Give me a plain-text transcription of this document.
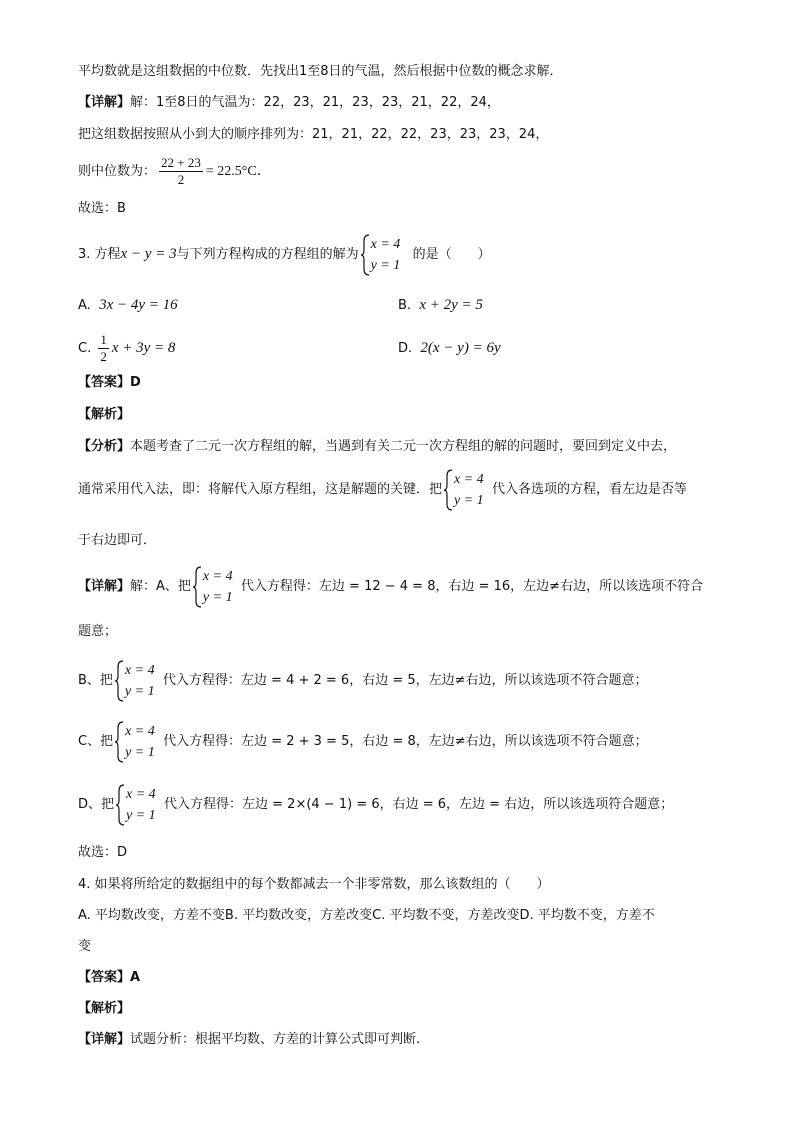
平均数就是这组数据的中位数．先找出1至8日的气温，然后根据中位数的概念求解．
【详解】解：1至8日的气温为：22，23，21，23，23，21，22，24，
把这组数据按照从小到大的顺序排列为：21，21，22，22，23，23，23，24，
则中位数为： $\frac{22 + 23}{2} = 22.5^\circ C$．
故选：B
3. 方程x − y = 3与下列方程构成的方程组的解为
x = 4
y = 1
的是（　　）
A. 3x − 4y = 16	B. x + 2y = 5
C. $\frac{1}{2}$ x + 3y = 8	D. 2(x − y) = 6y
【答案】D
【解析】
【分析】本题考查了二元一次方程组的解，当遇到有关二元一次方程组的解的问题时，要回到定义中去，
通常采用代入法，即：将解代入原方程组，这是解题的关键．把
x = 4
y = 1
代入各选项的方程，看左边是否等
于右边即可．
【详解】解：A、把
x = 4
y = 1
代入方程得：左边 = 12 − 4 = 8，右边 = 16，左边≠右边，所以该选项不符合
题意；
B、把
x = 4
y = 1
代入方程得：左边 = 4 + 2 = 6，右边 = 5，左边≠右边，所以该选项不符合题意；
C、把
x = 4
y = 1
代入方程得：左边 = 2 + 3 = 5，右边 = 8，左边≠右边，所以该选项不符合题意；
D、把
x = 4
y = 1
代入方程得：左边 = 2×(4 − 1) = 6，右边 = 6，左边 = 右边，所以该选项符合题意；
故选：D
4. 如果将所给定的数据组中的每个数都减去一个非零常数，那么该数组的（　　）
A. 平均数改变，方差不变B. 平均数改变，方差改变C. 平均数不变，方差改变D. 平均数不变，方差不
变
【答案】A
【解析】
【详解】试题分析：根据平均数、方差的计算公式即可判断.
